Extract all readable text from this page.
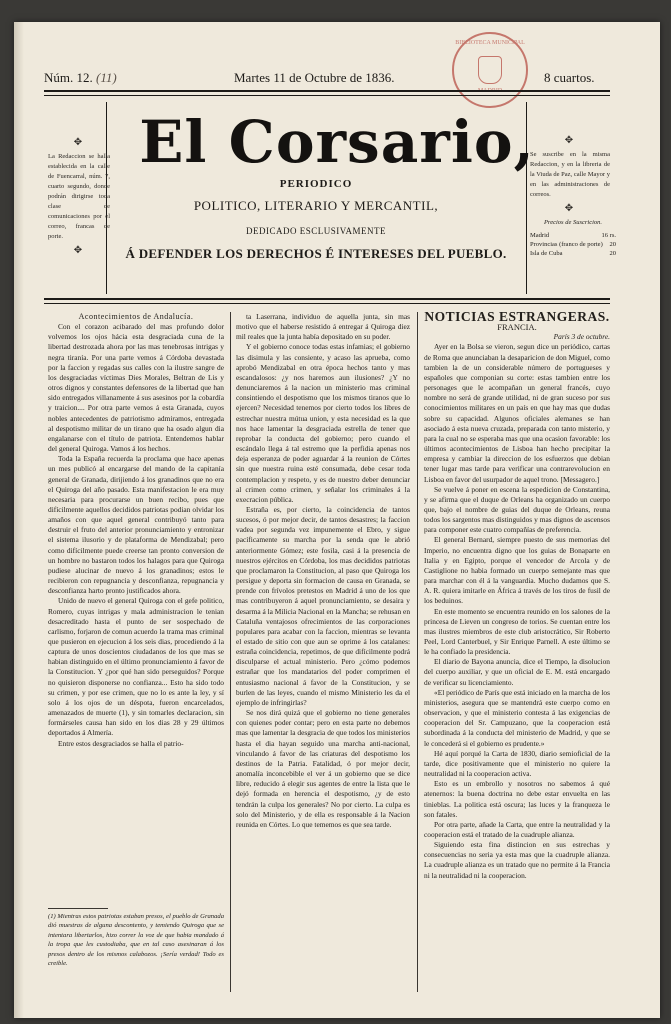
Núm. 12. (11)	Martes 11 de Octubre de 1836.	8 cuartos.
BIBLIOTECA MUNICIPAL
El Corsario,
PERIODICO
POLITICO, LITERARIO Y MERCANTIL,
DEDICADO ESCLUSIVAMENTE
Á DEFENDER LOS DERECHOS É INTERESES DEL PUEBLO.
✥
La Redaccion se halla establecida en la calle de Fuencarral, núm. 7, cuarto segundo, donde podrán dirigirse toda clase de comunicaciones por el correo, francas de porte.
✥
✥
Se suscribe en la misma Redaccion, y en la libreria de la Viuda de Paz, calle Mayor y en las administraciones de correos.
✥
Precios de Suscricion.
Madrid	16 rs.
Provincias (franco de porte) 20
Isla de Cuba	20

Acontecimientos de Andalucía.

Con el corazon acibarado del mas profundo dolor volvemos los ojos hácia esta desgraciada cuna de la libertad destrozada ahora por las mas tenebrosas intrigas y negra tiranía. Por una parte vemos á Córdoba devastada por la faccion y regadas sus calles con la ilustre sangre de los desgraciadas víctimas Dies Morales, Beltran de Lis y otros dignos y constantes defensores de la libertad que han sido entregados villanamente á sus asesinos por la cobardía y traicion.... Por otra parte vemos á esta Granada, cuyos nobles antecedentes de patriotismo admiramos, entregada al despotismo militar de un tirano que ha osado algun dia engalanarse con el título de patriota. Entendemos hablar del general Quiroga. Vamos á los hechos.

Toda la España recuerda la proclama que hace apenas un mes publicó al encargarse del mando de la capitanía general de Granada, dirijiendo á los granadinos que no era el Quiroga del año pasado. Esta manifestacion le era muy necesaria para procurarse un buen recibo, pues que difícilmente aquellos decididos patriotas podian olvidar los amaños con que aquel general contribuyó tanto para destruir el fruto del anterior pronunciamiento y entronizar el sistema ilusorio y de plataforma de Mendizabal; pero como difícilmente puede creerse tan pronto conversion de un hombre no bastaron todos los halagos para que Quiroga pudiese alucinar de nuevo á los granadinos; estos le recibieron con repugnancia y desconfianza, repugnancia y desconfianza harto pronto justificados ahora.

Unido de nuevo el general Quiroga con el gefe politico, Romero, cuyas intrigas y mala administracion le tenian desacreditado hasta el punto de ser sospechado de carlismo, forjaron de comun acuerdo la trama mas criminal que pusieron en ejecucion á los seis dias, procediendo á la captura de unos doscientos ciudadanos de los que mas se habian distinguido en el último pronunciamiento á favor de la Constitucion. Y ¿por qué han sido perseguidos? Porque no quisieron disponerse no confianza... Esto ha sido todo su crimen, y por ese crimen, que no lo es ante la ley, y sí solo á los ojos de un déspota, fueron encarcelados, amenazados de muerte (1), y sin tomarles declaracion, sin formárseles causa han sido en los dias 28 y 29 últimos deportados á Almería.

Entre estos desgraciados se halla el patrio-

(1) Mientras estos patriotas estaban presos, el pueblo de Granada dió muestras de alguna descontento, y temiendo Quiroga que se intentara libertarlos, hizo correr la voz de que habia mandado á la tropa que les custodiaba, que en tal caso asesinaran á los presos dentro de los mismos calabozos. ¡Sería verdad! Todo es creible.

ta Laserrana, individuo de aquella junta, sin mas motivo que el haberse resistido á entregar á Quiroga diez mil reales que la junta había depositado en su poder.

Y el gobierno conoce todas estas infamias; el gobierno las disimula y las consiente, y acaso las aprueba, como aprobó Mendizabal en otra época hechos tanto y mas escandalosos: ¿y nos haremos aun ilusiones? ¿Y no denunciaremos á la nacion un ministerio mas criminal consintiendo el despotismo que los mismos tiranos que lo ejercen? Necesidad tenemos por cierto todos los libres de estrechar nuestra mútua union, y esta necesidad es la que nos hace lamentar la desgraciada estrella de tener que reprobar la conducta del gobierno; pero cuando el escándalo llega á tal estremo que la perfidia apenas nos deja esperanza de poder aguardar á la reunion de Córtes sin que nuestra ruina esté consumada, debe cesar toda contemplacion y respeto, y es de nuestro deber denunciar al crimen como crimen, y señalar los criminales á la execracion pública.

Estraña es, por cierto, la coincidencia de tantos sucesos, ó por mejor decir, de tantos desastres; la faccion vadea por segunda vez impunemente el Ebro, y sigue pacíficamente su marcha por la senda que le abrió anteriormente Gómez; este fosila, casi á la presencia de nuestros ejércitos en Córdoba, los mas decididos patriotas que proclamaron la Constitucion, al paso que Quiroga los persigue y deporta sin formacion de causa en Granada, se prende con frívolos pretestos en Madrid á uno de los que mas contribuyeron á aquel pronunciamiento, se desaira y desarma á la Milicia Nacional en la Mancha; se rehusan en Cataluña ventajosos ofrecimientos de las corporaciones populares para acabar con la faccion, mientras se levanta el estado de sitio con que aun se oprime á los catalanes: estraña coincidencia, repetimos, de que difícilmente podrá disculparse el actual ministerio. Pero ¿cómo podemos estrañar que los mandatarios del poder comprimen el entusiasmo nacional á favor de la Constitucion, y se burlen de las leyes, cuando el mismo Ministerio les da el ejemplo de infringirlas?

Se nos dirá quizá que el gobierno no tiene generales con quienes poder contar; pero en esta parte no debemos mas que lamentar la desgracia de que todos los ministerios hasta el dia hayan seguido una marcha anti-nacional, vinculando á favor de las criaturas del despotismo los destinos de la Patria. Fatalidad, ó por mejor decir, anomalía inconcebible el ver á un gobierno que se dice libre, reducido á elegir sus agentes de entre la lista que le dejó formada en herencia el despotismo, ¿y de esto tendrán la culpa los generales? No por cierto. La culpa es solo del Ministerio, y de ella es responsable á la Nacion reunida en Córtes. Lo que tememos es que sea tarde.

NOTICIAS ESTRANGERAS.

FRANCIA.

París 3 de octubre.

Ayer en la Bolsa se vieron, segun dice un periódico, cartas de Roma que anunciaban la desaparicion de don Miguel, como tambien la de un considerable número de portugueses y españoles que componian su corte: estas tambien entre los personages que le acompañan un general francés, cuyo nombre no será de grande utilidad, ni de gran suceso por sus conocimientos militares en un país en que hay mas que dudas sobre su capacidad. Algunos oficiales alemanes se han asociado á esta nueva cruzada, preparada con tanto misterio, y para la cual no se esperaba mas que una ocasion favorable: los últimos acontecimientos de Lisboa han hecho precipitar la empresa y cambiar la direccion de los esfuerzos que debian tener lugar mas tarde para verificar una contrarevolucion en Lisboa en favor del usurpador de aquel trono. [Messagero.]

Se vuelve á poner en escena la espedicion de Constantina, y se afirma que el duque de Orleans ha organizado un cuerpo que, bajo el nombre de guias del duque de Orleans, reuna todos los sargentos mas distinguidos y mas dignos de ascensos para componer este cuatro compañías de preferencia.

El general Bernard, siempre puesto de sus memorias del Imperio, no encuentra digno que los guias de Bonaparte en Italia y en Egipto, porque el vencedor de Arcola y de Castiglione no habia formado un cuerpo semejante mas que para marchar con él á la vanguardia. Mucho dudamos que S. A. R. quiera imitarle en África á través de los tiros de fusil de los beduinos.

En este momento se encuentra reunido en los salones de la princesa de Lieven un congreso de torios. Se cuentan entre los mas ilustres miembros de este club aristocrático, Sir Roberto Peel, Lord Canterbuel, y Sir Enrique Parnell. A este último se le ha confiado la presidencia.

El diario de Bayona anuncia, dice el Tiempo, la disolucion del cuerpo auxiliar, y que un oficial de E. M. está encargado de verificar su licenciamiento.

«El periódico de París que está iniciado en la marcha de los ministerios, asegura que se mantendrá este cuerpo como en observacion, y que el ministerio contesta á las exigencias de cooperacion del Sr. Campuzano, que la cooperacion está subordinada á la conducta del ministerio de Madrid, y que se le concederá si el gobierno es prudente.»

Hé aquí porqué la Carta de 1830, diario semioficial de la tarde, dice positivamente que el ministerio no quiere la neutralidad ni la cooperacion activa.

Esto es un embrollo y nosotros no sabemos á qué atenernos: la buena doctrina no debe estar envuelta en las tinieblas. La politica está oscura; las luces y la franqueza le son fatales.

Por otra parte, añade la Carta, que entre la neutralidad y la cooperacion está el tratado de la cuadruple alianza.

Siguiendo esta fina distincion en sus estrechas y consecuencias no seria ya esta mas que la cuadruple alianza. La cuadruple alianza es un tratado que no permite á la Francia ni la neutralidad ni la cooperacion.
